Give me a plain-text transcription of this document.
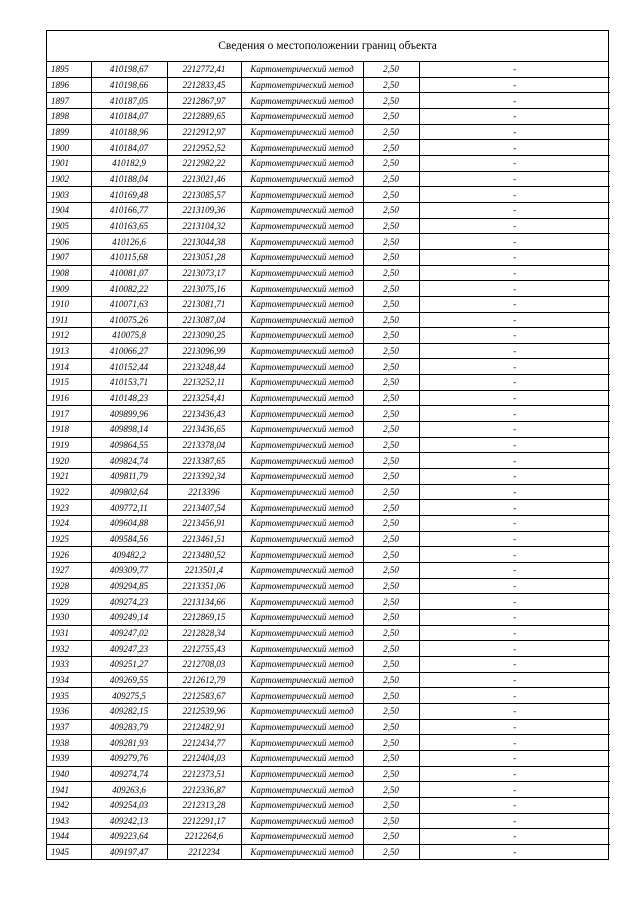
Сведения о местоположении границ объекта
1895	410198,67	2212772,41	Картометрический метод	2,50	-
1896	410198,66	2212833,45	Картометрический метод	2,50	-
1897	410187,05	2212867,97	Картометрический метод	2,50	-
1898	410184,07	2212889,65	Картометрический метод	2,50	-
1899	410188,96	2212912,97	Картометрический метод	2,50	-
1900	410184,07	2212952,52	Картометрический метод	2,50	-
1901	410182,9	2212982,22	Картометрический метод	2,50	-
1902	410188,04	2213021,46	Картометрический метод	2,50	-
1903	410169,48	2213085,57	Картометрический метод	2,50	-
1904	410166,77	2213109,36	Картометрический метод	2,50	-
1905	410163,65	2213104,32	Картометрический метод	2,50	-
1906	410126,6	2213044,38	Картометрический метод	2,50	-
1907	410115,68	2213051,28	Картометрический метод	2,50	-
1908	410081,07	2213073,17	Картометрический метод	2,50	-
1909	410082,22	2213075,16	Картометрический метод	2,50	-
1910	410071,63	2213081,71	Картометрический метод	2,50	-
1911	410075,26	2213087,04	Картометрический метод	2,50	-
1912	410075,8	2213090,25	Картометрический метод	2,50	-
1913	410066,27	2213096,99	Картометрический метод	2,50	-
1914	410152,44	2213248,44	Картометрический метод	2,50	-
1915	410153,71	2213252,11	Картометрический метод	2,50	-
1916	410148,23	2213254,41	Картометрический метод	2,50	-
1917	409899,96	2213436,43	Картометрический метод	2,50	-
1918	409898,14	2213436,65	Картометрический метод	2,50	-
1919	409864,55	2213378,04	Картометрический метод	2,50	-
1920	409824,74	2213387,65	Картометрический метод	2,50	-
1921	409811,79	2213392,34	Картометрический метод	2,50	-
1922	409802,64	2213396	Картометрический метод	2,50	-
1923	409772,11	2213407,54	Картометрический метод	2,50	-
1924	409604,88	2213456,91	Картометрический метод	2,50	-
1925	409584,56	2213461,51	Картометрический метод	2,50	-
1926	409482,2	2213480,52	Картометрический метод	2,50	-
1927	409309,77	2213501,4	Картометрический метод	2,50	-
1928	409294,85	2213351,06	Картометрический метод	2,50	-
1929	409274,23	2213134,66	Картометрический метод	2,50	-
1930	409249,14	2212869,15	Картометрический метод	2,50	-
1931	409247,02	2212828,34	Картометрический метод	2,50	-
1932	409247,23	2212755,43	Картометрический метод	2,50	-
1933	409251,27	2212708,03	Картометрический метод	2,50	-
1934	409269,55	2212612,79	Картометрический метод	2,50	-
1935	409275,5	2212583,67	Картометрический метод	2,50	-
1936	409282,15	2212539,96	Картометрический метод	2,50	-
1937	409283,79	2212482,91	Картометрический метод	2,50	-
1938	409281,93	2212434,77	Картометрический метод	2,50	-
1939	409279,76	2212404,03	Картометрический метод	2,50	-
1940	409274,74	2212373,51	Картометрический метод	2,50	-
1941	409263,6	2212336,87	Картометрический метод	2,50	-
1942	409254,03	2212313,28	Картометрический метод	2,50	-
1943	409242,13	2212291,17	Картометрический метод	2,50	-
1944	409223,64	2212264,6	Картометрический метод	2,50	-
1945	409197,47	2212234	Картометрический метод	2,50	-
